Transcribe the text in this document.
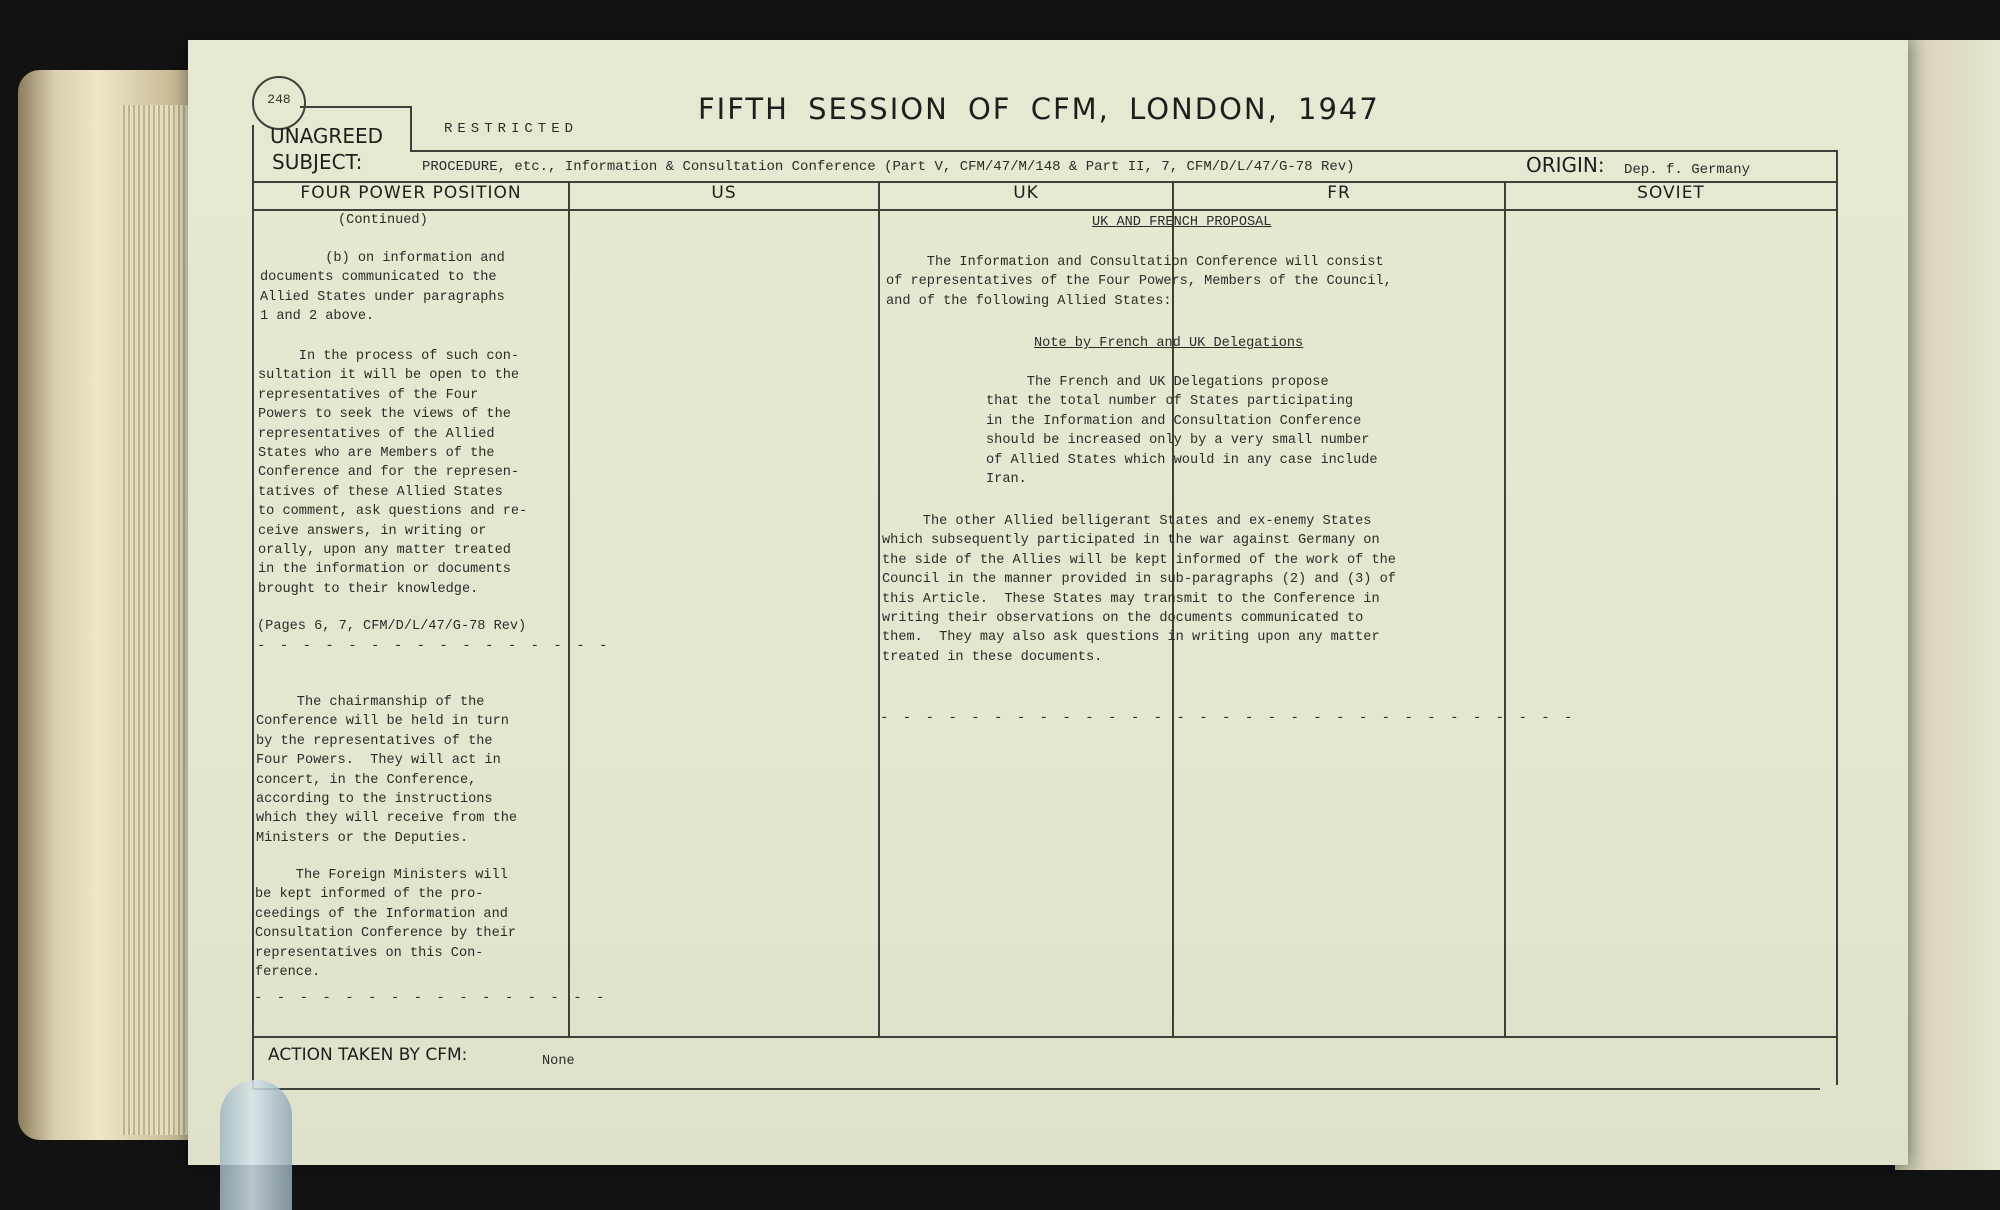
248	FIFTH SESSION OF CFM, LONDON, 1947
RESTRICTED
UNAGREED
SUBJECT:	PROCEDURE, etc., Information & Consultation Conference (Part V, CFM/47/M/148 & Part II, 7, CFM/D/L/47/G-78 Rev)	ORIGIN: Dep. f. Germany
FOUR POWER POSITION	US	UK	FR	SOVIET
(Continued)
(b) on information and
documents communicated to the
Allied States under paragraphs
1 and 2 above.
In the process of such con-
sultation it will be open to the
representatives of the Four
Powers to seek the views of the
representatives of the Allied
States who are Members of the
Conference and for the represen-
tatives of these Allied States
to comment, ask questions and re-
ceive answers, in writing or
orally, upon any matter treated
in the information or documents
brought to their knowledge.
(Pages 6, 7, CFM/D/L/47/G-78 Rev)
- - - - - - - - - - - - - - - -
The chairmanship of the
Conference will be held in turn
by the representatives of the
Four Powers.  They will act in
concert, in the Conference,
according to the instructions
which they will receive from the
Ministers or the Deputies.
The Foreign Ministers will
be kept informed of the pro-
ceedings of the Information and
Consultation Conference by their
representatives on this Con-
ference.
- - - - - - - - - - - - - - - -
UK AND FRENCH PROPOSAL
The Information and Consultation Conference will consist
of representatives of the Four Powers, Members of the Council,
and of the following Allied States:
Note by French and UK Delegations
The French and UK Delegations propose
that the total number of States participating
in the Information and Consultation Conference
should be increased only by a very small number
of Allied States which would in any case include
Iran.
The other Allied belligerant States and ex-enemy States
which subsequently participated in the war against Germany on
the side of the Allies will be kept informed of the work of the
Council in the manner provided in sub-paragraphs (2) and (3) of
this Article.  These States may transmit to the Conference in
writing their observations on the documents communicated to
them.  They may also ask questions in writing upon any matter
treated in these documents.
- - - - - - - - - - - - - - - - - - - - - - - - - - - - - - -
ACTION TAKEN BY CFM:	None
